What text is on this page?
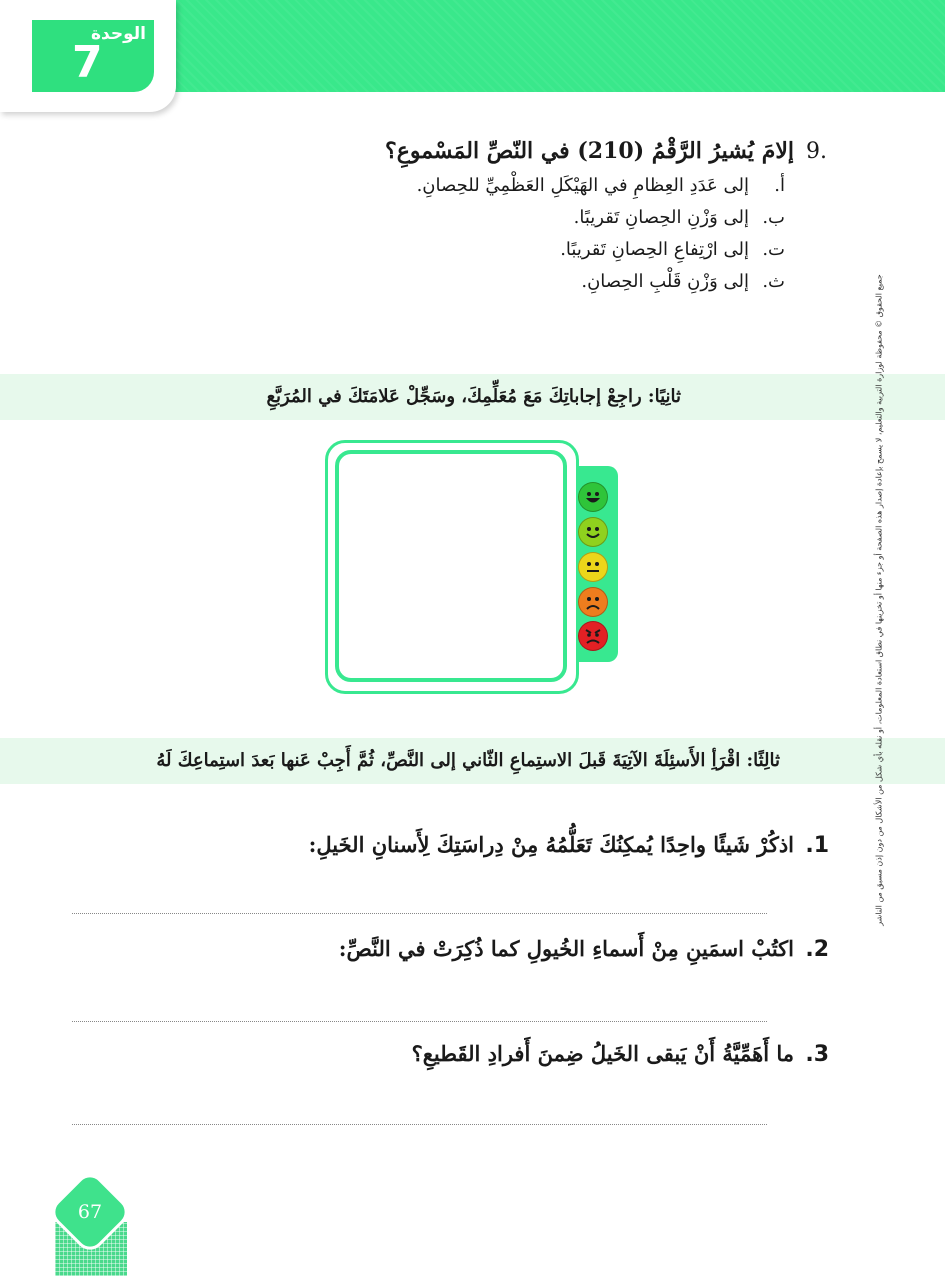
الوحدة
7
.9
إلامَ يُشيرُ الرَّقْمُ (210) في النّصِّ المَسْموعِ؟
أ.
إلى عَدَدِ العِظامِ في الهَيْكَلِ العَظْمِيِّ للحِصانِ.
ب.
إلى وَزْنِ الحِصانِ تَقريبًا.
ت.
إلى ارْتِفاعِ الحِصانِ تَقريبًا.
ث.
إلى وَزْنِ قَلْبِ الحِصانِ.
ثانِيًا: راجِعْ إجاباتِكَ مَعَ مُعَلِّمِكَ، وسَجِّلْ عَلامَتَكَ في المُرَبَّعِ
ثالِثًا: اقْرَأِ الأَسئِلَةَ الآتِيَةَ قَبلَ الاستِماعِ الثّاني إلى النَّصِّ، ثُمَّ أَجِبْ عَنها بَعدَ استِماعِكَ لَهُ
1. اذكُرْ شَيئًا واحِدًا يُمكِنُكَ تَعَلُّمُهُ مِنْ دِراسَتِكَ لِأَسنانِ الخَيلِ:
2. اكتُبْ اسمَينِ مِنْ أَسماءِ الخُيولِ كما ذُكِرَتْ في النَّصِّ:
3. ما أَهَمِّيَّةُ أَنْ يَبقى الخَيلُ ضِمنَ أَفرادِ القَطيعِ؟
جميع الحقوق © محفوظة لوزارة التربية والتعليم، لا يسمح بإعادة إصدار هذه الصفحة أو جزء منها أو تخزينها في نطاق استعادة المعلومات، أو نقله بأي شكل من الأشكال من دون إذن مسبق من الناشر
67
